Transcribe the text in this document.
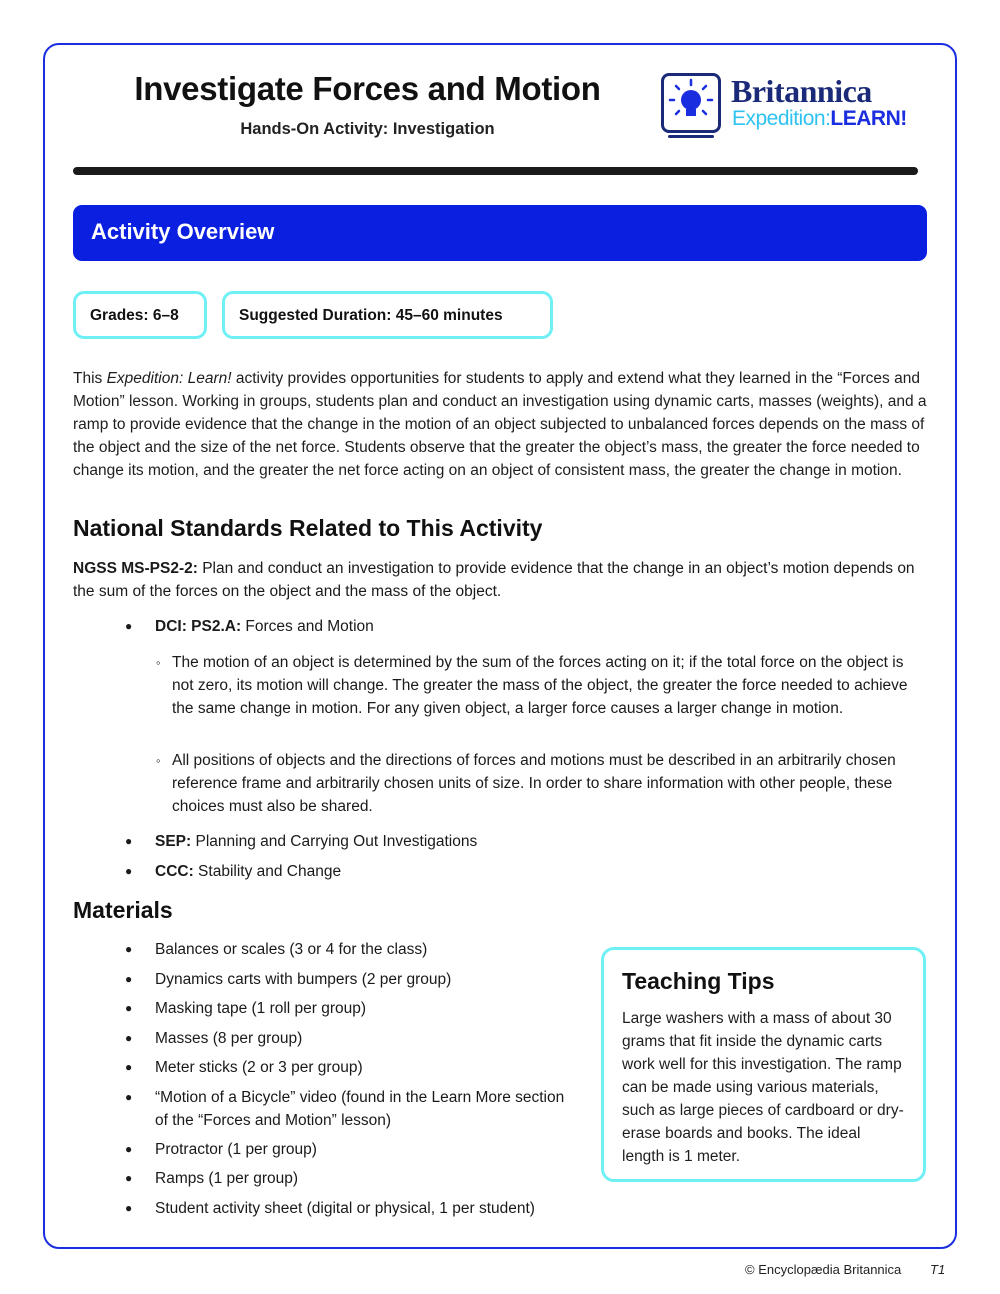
Investigate Forces and Motion
Hands-On Activity: Investigation
Britannica
Expedition:LEARN!
Activity Overview
Grades: 6–8	Suggested Duration: 45–60 minutes
This Expedition: Learn! activity provides opportunities for students to apply and extend what they learned in the “Forces and Motion” lesson. Working in groups, students plan and conduct an investigation using dynamic carts, masses (weights), and a ramp to provide evidence that the change in the motion of an object subjected to unbalanced forces depends on the mass of the object and the size of the net force. Students observe that the greater the object’s mass, the greater the force needed to change its motion, and the greater the net force acting on an object of consistent mass, the greater the change in motion.
National Standards Related to This Activity
NGSS MS-PS2-2: Plan and conduct an investigation to provide evidence that the change in an object’s motion depends on the sum of the forces on the object and the mass of the object.
● DCI: PS2.A: Forces and Motion
◦ The motion of an object is determined by the sum of the forces acting on it; if the total force on the object is not zero, its motion will change. The greater the mass of the object, the greater the force needed to achieve the same change in motion. For any given object, a larger force causes a larger change in motion.
◦ All positions of objects and the directions of forces and motions must be described in an arbitrarily chosen reference frame and arbitrarily chosen units of size. In order to share information with other people, these choices must also be shared.
● SEP: Planning and Carrying Out Investigations
● CCC: Stability and Change
Materials
● Balances or scales (3 or 4 for the class)
● Dynamics carts with bumpers (2 per group)
● Masking tape (1 roll per group)
● Masses (8 per group)
● Meter sticks (2 or 3 per group)
● “Motion of a Bicycle” video (found in the Learn More section of the “Forces and Motion” lesson)
● Protractor (1 per group)
● Ramps (1 per group)
● Student activity sheet (digital or physical, 1 per student)
Teaching Tips
Large washers with a mass of about 30 grams that fit inside the dynamic carts work well for this investigation. The ramp can be made using various materials, such as large pieces of cardboard or dry-erase boards and books. The ideal length is 1 meter.
© Encyclopædia Britannica T1
